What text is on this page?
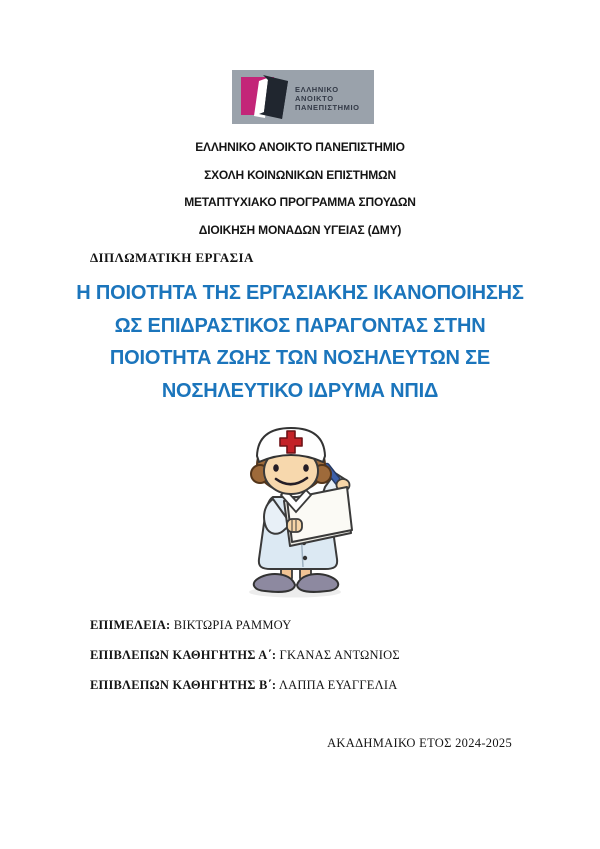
ΕΛΛΗΝΙΚΟ
ΑΝΟΙΚΤΟ
ΠΑΝΕΠΙΣΤΗΜΙΟ
ΕΛΛΗΝΙΚΟ ΑΝΟΙΚΤΟ ΠΑΝΕΠΙΣΤΗΜΙΟ
ΣΧΟΛΗ ΚΟΙΝΩΝΙΚΩΝ ΕΠΙΣΤΗΜΩΝ
ΜΕΤΑΠΤΥΧΙΑΚΟ ΠΡΟΓΡΑΜΜΑ ΣΠΟΥΔΩΝ
ΔΙΟΙΚΗΣΗ ΜΟΝΑΔΩΝ ΥΓΕΙΑΣ (ΔΜΥ)
ΔΙΠΛΩΜΑΤΙΚΗ ΕΡΓΑΣΙΑ
Η ΠΟΙΟΤΗΤΑ ΤΗΣ ΕΡΓΑΣΙΑΚΗΣ ΙΚΑΝΟΠΟΙΗΣΗΣ
ΩΣ ΕΠΙΔΡΑΣΤΙΚΟΣ ΠΑΡΑΓΟΝΤΑΣ ΣΤΗΝ
ΠΟΙΟΤΗΤΑ ΖΩΗΣ ΤΩΝ ΝΟΣΗΛΕΥΤΩΝ ΣΕ
ΝΟΣΗΛΕΥΤΙΚΟ ΙΔΡΥΜΑ ΝΠΙΔ
ΕΠΙΜΕΛΕΙΑ: ΒΙΚΤΩΡΙΑ ΡΑΜΜΟΥ
ΕΠΙΒΛΕΠΩΝ ΚΑΘΗΓΗΤΗΣ Α΄: ΓΚΑΝΑΣ ΑΝΤΩΝΙΟΣ
ΕΠΙΒΛΕΠΩΝ ΚΑΘΗΓΗΤΗΣ Β΄: ΛΑΠΠΑ ΕΥΑΓΓΕΛΙΑ
ΑΚΑΔΗΜΑΙΚΟ ΕΤΟΣ 2024-2025
